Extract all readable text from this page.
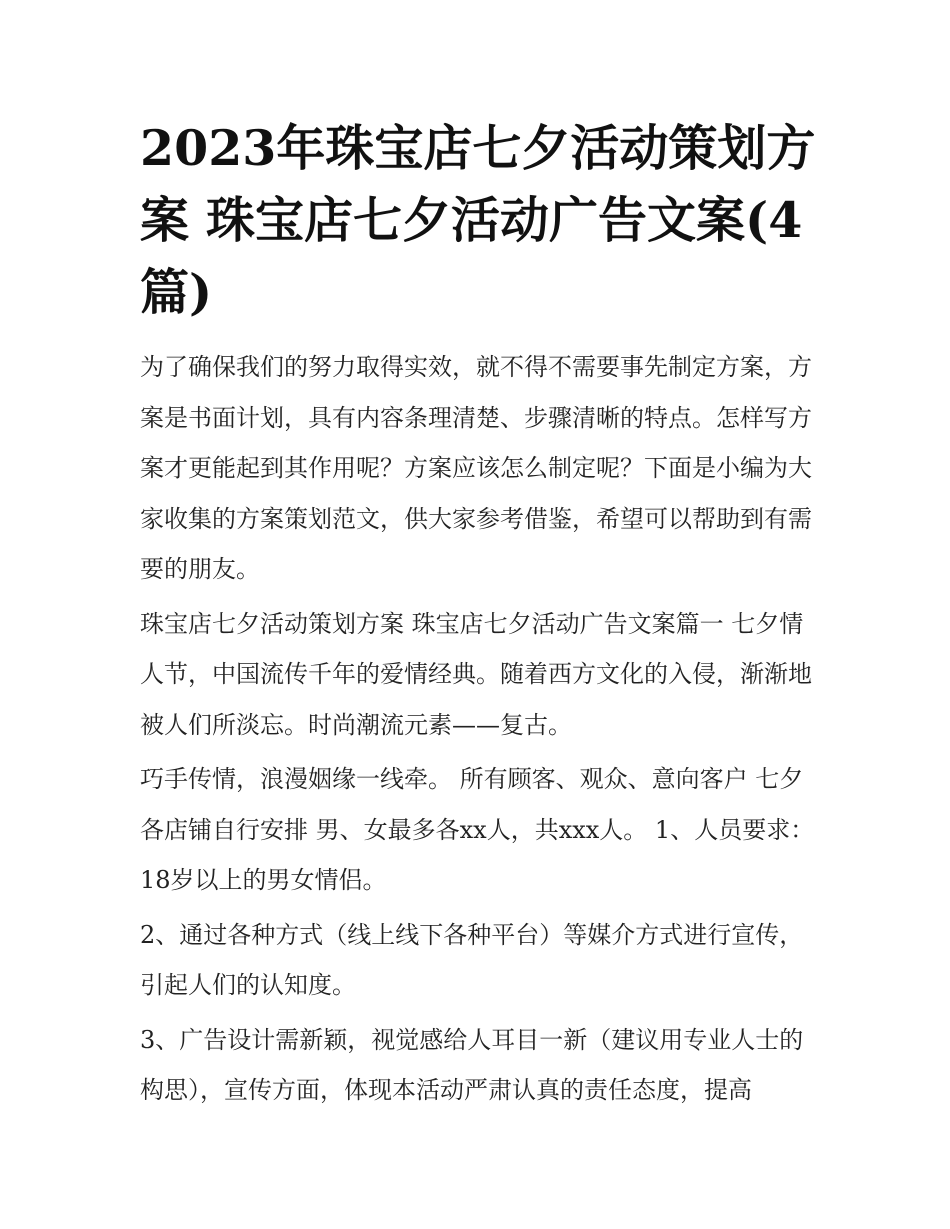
2023年珠宝店七夕活动策划方案 珠宝店七夕活动广告文案(4篇)

为了确保我们的努力取得实效，就不得不需要事先制定方案，方案是书面计划，具有内容条理清楚、步骤清晰的特点。怎样写方案才更能起到其作用呢？方案应该怎么制定呢？下面是小编为大家收集的方案策划范文，供大家参考借鉴，希望可以帮助到有需要的朋友。

珠宝店七夕活动策划方案 珠宝店七夕活动广告文案篇一 七夕情人节，中国流传千年的爱情经典。随着西方文化的入侵，渐渐地被人们所淡忘。时尚潮流元素——复古。

巧手传情，浪漫姻缘一线牵。 所有顾客、观众、意向客户 七夕 各店铺自行安排 男、女最多各xx人，共xxx人。 1、人员要求：18岁以上的男女情侣。

2、通过各种方式（线上线下各种平台）等媒介方式进行宣传，引起人们的认知度。

3、广告设计需新颖，视觉感给人耳目一新（建议用专业人士的构思），宣传方面，体现本活动严肃认真的责任态度，提高
